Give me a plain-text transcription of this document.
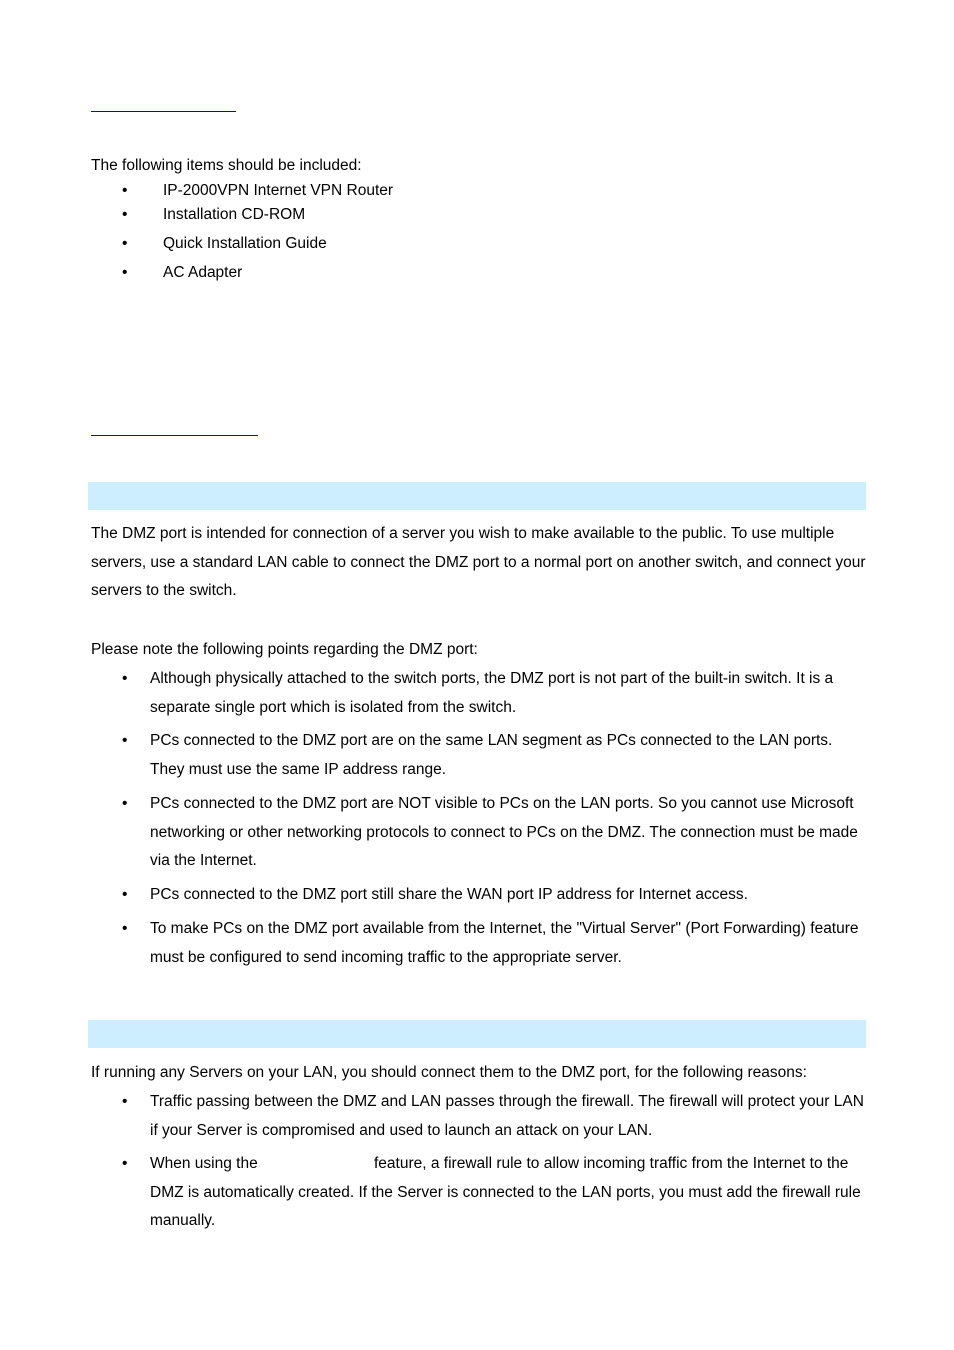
The following items should be included:
• IP-2000VPN Internet VPN Router
• Installation CD-ROM
• Quick Installation Guide
• AC Adapter
The DMZ port is intended for connection of a server you wish to make available to the public. To use multiple servers, use a standard LAN cable to connect the DMZ port to a normal port on another switch, and connect your servers to the switch.
Please note the following points regarding the DMZ port:
• Although physically attached to the switch ports, the DMZ port is not part of the built-in switch. It is a separate single port which is isolated from the switch.
• PCs connected to the DMZ port are on the same LAN segment as PCs connected to the LAN ports. They must use the same IP address range.
• PCs connected to the DMZ port are NOT visible to PCs on the LAN ports. So you cannot use Microsoft networking or other networking protocols to connect to PCs on the DMZ. The connection must be made via the Internet.
• PCs connected to the DMZ port still share the WAN port IP address for Internet access.
• To make PCs on the DMZ port available from the Internet, the "Virtual Server" (Port Forwarding) feature must be configured to send incoming traffic to the appropriate server.
If running any Servers on your LAN, you should connect them to the DMZ port, for the following reasons:
• Traffic passing between the DMZ and LAN passes through the firewall. The firewall will protect your LAN if your Server is compromised and used to launch an attack on your LAN.
• When using the	feature, a firewall rule to allow incoming traffic from the Internet to the
DMZ is automatically created. If the Server is connected to the LAN ports, you must add the firewall rule manually.
